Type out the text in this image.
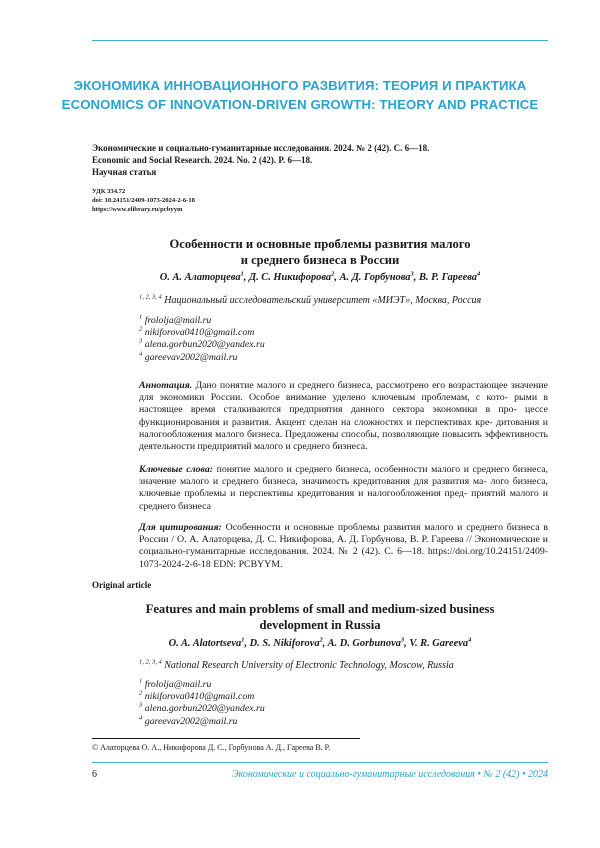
ЭКОНОМИКА ИННОВАЦИОННОГО РАЗВИТИЯ: ТЕОРИЯ И ПРАКТИКА
ECONOMICS OF INNOVATION-DRIVEN GROWTH: THEORY AND PRACTICE
Экономические и социально-гуманитарные исследования. 2024. № 2 (42). С. 6—18.
Economic and Social Research. 2024. No. 2 (42). P. 6—18.
Научная статья
УДК 334.72
doi: 10.24151/2409-1073-2024-2-6-18
https://www.elibrary.ru/pcbyym
Особенности и основные проблемы развития малого
и среднего бизнеса в России
О. А. Алаторцева$^1$, Д. С. Никифорова$^2$, А. Д. Горбунова$^3$, В. Р. Гареева$^4$
$^{1, 2, 3, 4}$ Национальный исследовательский университет «МИЭТ», Москва, Россия
$^1$ frololja@mail.ru
$^2$ nikiforova0410@gmail.com
$^3$ alena.gorbun2020@yandex.ru
$^4$ gareevav2002@mail.ru
Аннотация. Дано понятие малого и среднего бизнеса, рассмотрено его возрастающее значение для экономики России. Особое внимание уделено ключевым проблемам, с кото- рыми в настоящее время сталкиваются предприятия данного сектора экономики в про- цессе функционирования и развития. Акцент сделан на сложностях и перспективах кре- дитования и налогообложения малого бизнеса. Предложены способы, позволяющие повысить эффективность деятельности предприятий малого и среднего бизнеса.
Ключевые слова: понятие малого и среднего бизнеса, особенности малого и среднего бизнеса, значение малого и среднего бизнеса, значимость кредитования для развития ма- лого бизнеса, ключевые проблемы и перспективы кредитования и налогообложения пред- приятий малого и среднего бизнеса
Для цитирования: Особенности и основные проблемы развития малого и среднего бизнеса в России / О. А. Алаторцева, Д. С. Никифорова, А. Д. Горбунова, В. Р. Гареева // Экономические и социально-гуманитарные исследования. 2024. № 2 (42). С. 6—18. https://doi.org/10.24151/2409-1073-2024-2-6-18 EDN: PCBYYM.
Original article
Features and main problems of small and medium-sized business
development in Russia
O. A. Alatortseva$^1$, D. S. Nikiforova$^2$, A. D. Gorbunova$^3$, V. R. Gareeva$^4$
$^{1, 2, 3, 4}$ National Research University of Electronic Technology, Moscow, Russia
$^1$ frololja@mail.ru
$^2$ nikiforova0410@gmail.com
$^3$ alena.gorbun2020@yandex.ru
$^4$ gareevav2002@mail.ru
© Алаторцева О. А., Никифорова Д. С., Горбунова А. Д., Гареева В. Р.
6	Экономические и социально-гуманитарные исследования • № 2 (42) • 2024
